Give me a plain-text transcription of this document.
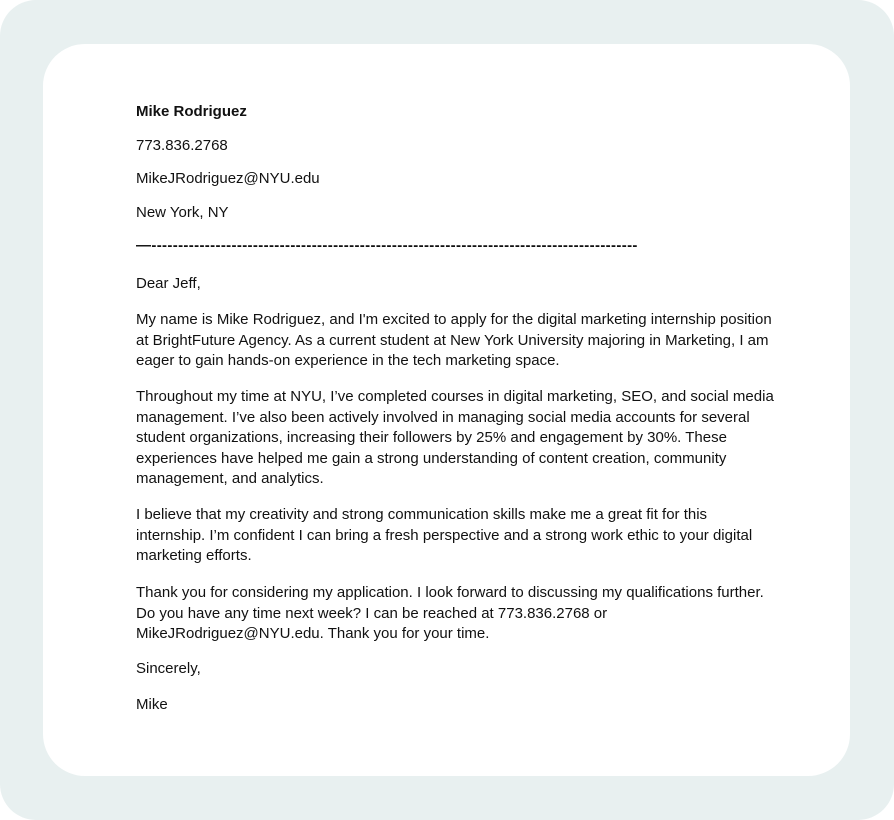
Mike Rodriguez
773.836.2768
MikeJRodriguez@NYU.edu
New York, NY
—-------------------------------------------------------------------------------------------
Dear Jeff,
My name is Mike Rodriguez, and I'm excited to apply for the digital marketing internship position at BrightFuture Agency. As a current student at New York University majoring in Marketing, I am eager to gain hands-on experience in the tech marketing space.
Throughout my time at NYU, I’ve completed courses in digital marketing, SEO, and social media management. I’ve also been actively involved in managing social media accounts for several student organizations, increasing their followers by 25% and engagement by 30%. These experiences have helped me gain a strong understanding of content creation, community management, and analytics.
I believe that my creativity and strong communication skills make me a great fit for this internship. I’m confident I can bring a fresh perspective and a strong work ethic to your digital marketing efforts.
Thank you for considering my application. I look forward to discussing my qualifications further. Do you have any time next week? I can be reached at 773.836.2768 or MikeJRodriguez@NYU.edu. Thank you for your time.
Sincerely,
Mike
